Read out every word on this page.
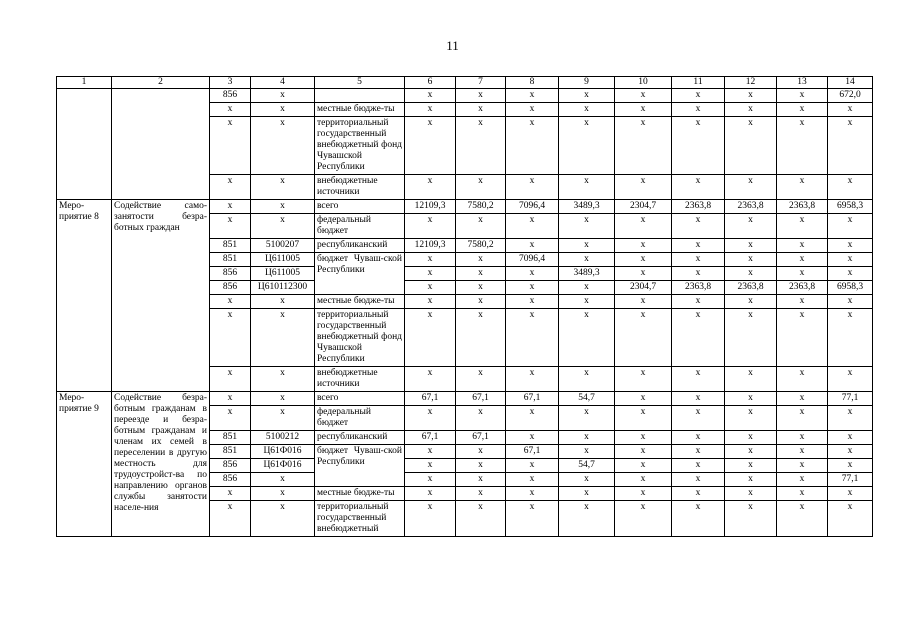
11
1	2	3	4	5	6	7	8	9	10	11	12	13	14
		856	x		x	x	x	x	x	x	x	x	672,0
		x	x	местные бюдже-ты	x	x	x	x	x	x	x	x	x
		x	x	территориальный государственный внебюджетный фонд Чувашской Республики	x	x	x	x	x	x	x	x	x
		x	x	внебюджетные источники	x	x	x	x	x	x	x	x	x
Меро-приятие 8	Содействие само-занятости безра-ботных граждан	x	x	всего	12109,3	7580,2	7096,4	3489,3	2304,7	2363,8	2363,8	2363,8	6958,3
		x	x	федеральный бюджет	x	x	x	x	x	x	x	x	x
		851	5100207	республиканский	12109,3	7580,2	x	x	x	x	x	x	x
		851	Ц611005	бюджет Чуваш-ской Республики	x	x	7096,4	x	x	x	x	x	x
		856	Ц611005		x	x	x	3489,3	x	x	x	x	x
		856	Ц610112300		x	x	x	x	2304,7	2363,8	2363,8	2363,8	6958,3
		x	x	местные бюдже-ты	x	x	x	x	x	x	x	x	x
		x	x	территориальный государственный внебюджетный фонд Чувашской Республики	x	x	x	x	x	x	x	x	x
		x	x	внебюджетные источники	x	x	x	x	x	x	x	x	x
Меро-приятие 9	Содействие безра-ботным гражданам в переезде и безра-ботным гражданам и членам их семей в переселении в другую местность для трудоустройст-ва по направлению органов службы занятости населе-ния	x	x	всего	67,1	67,1	67,1	54,7	x	x	x	x	77,1
		x	x	федеральный бюджет	x	x	x	x	x	x	x	x	x
		851	5100212	республиканский	67,1	67,1	x	x	x	x	x	x	x
		851	Ц61Ф016	бюджет Чуваш-ской Республики	x	x	67,1	x	x	x	x	x	x
		856	Ц61Ф016		x	x	x	54,7	x	x	x	x	x
		856	x		x	x	x	x	x	x	x	x	77,1
		x	x	местные бюдже-ты	x	x	x	x	x	x	x	x	x
		x	x	территориальный государственный внебюджетный	x	x	x	x	x	x	x	x	x
